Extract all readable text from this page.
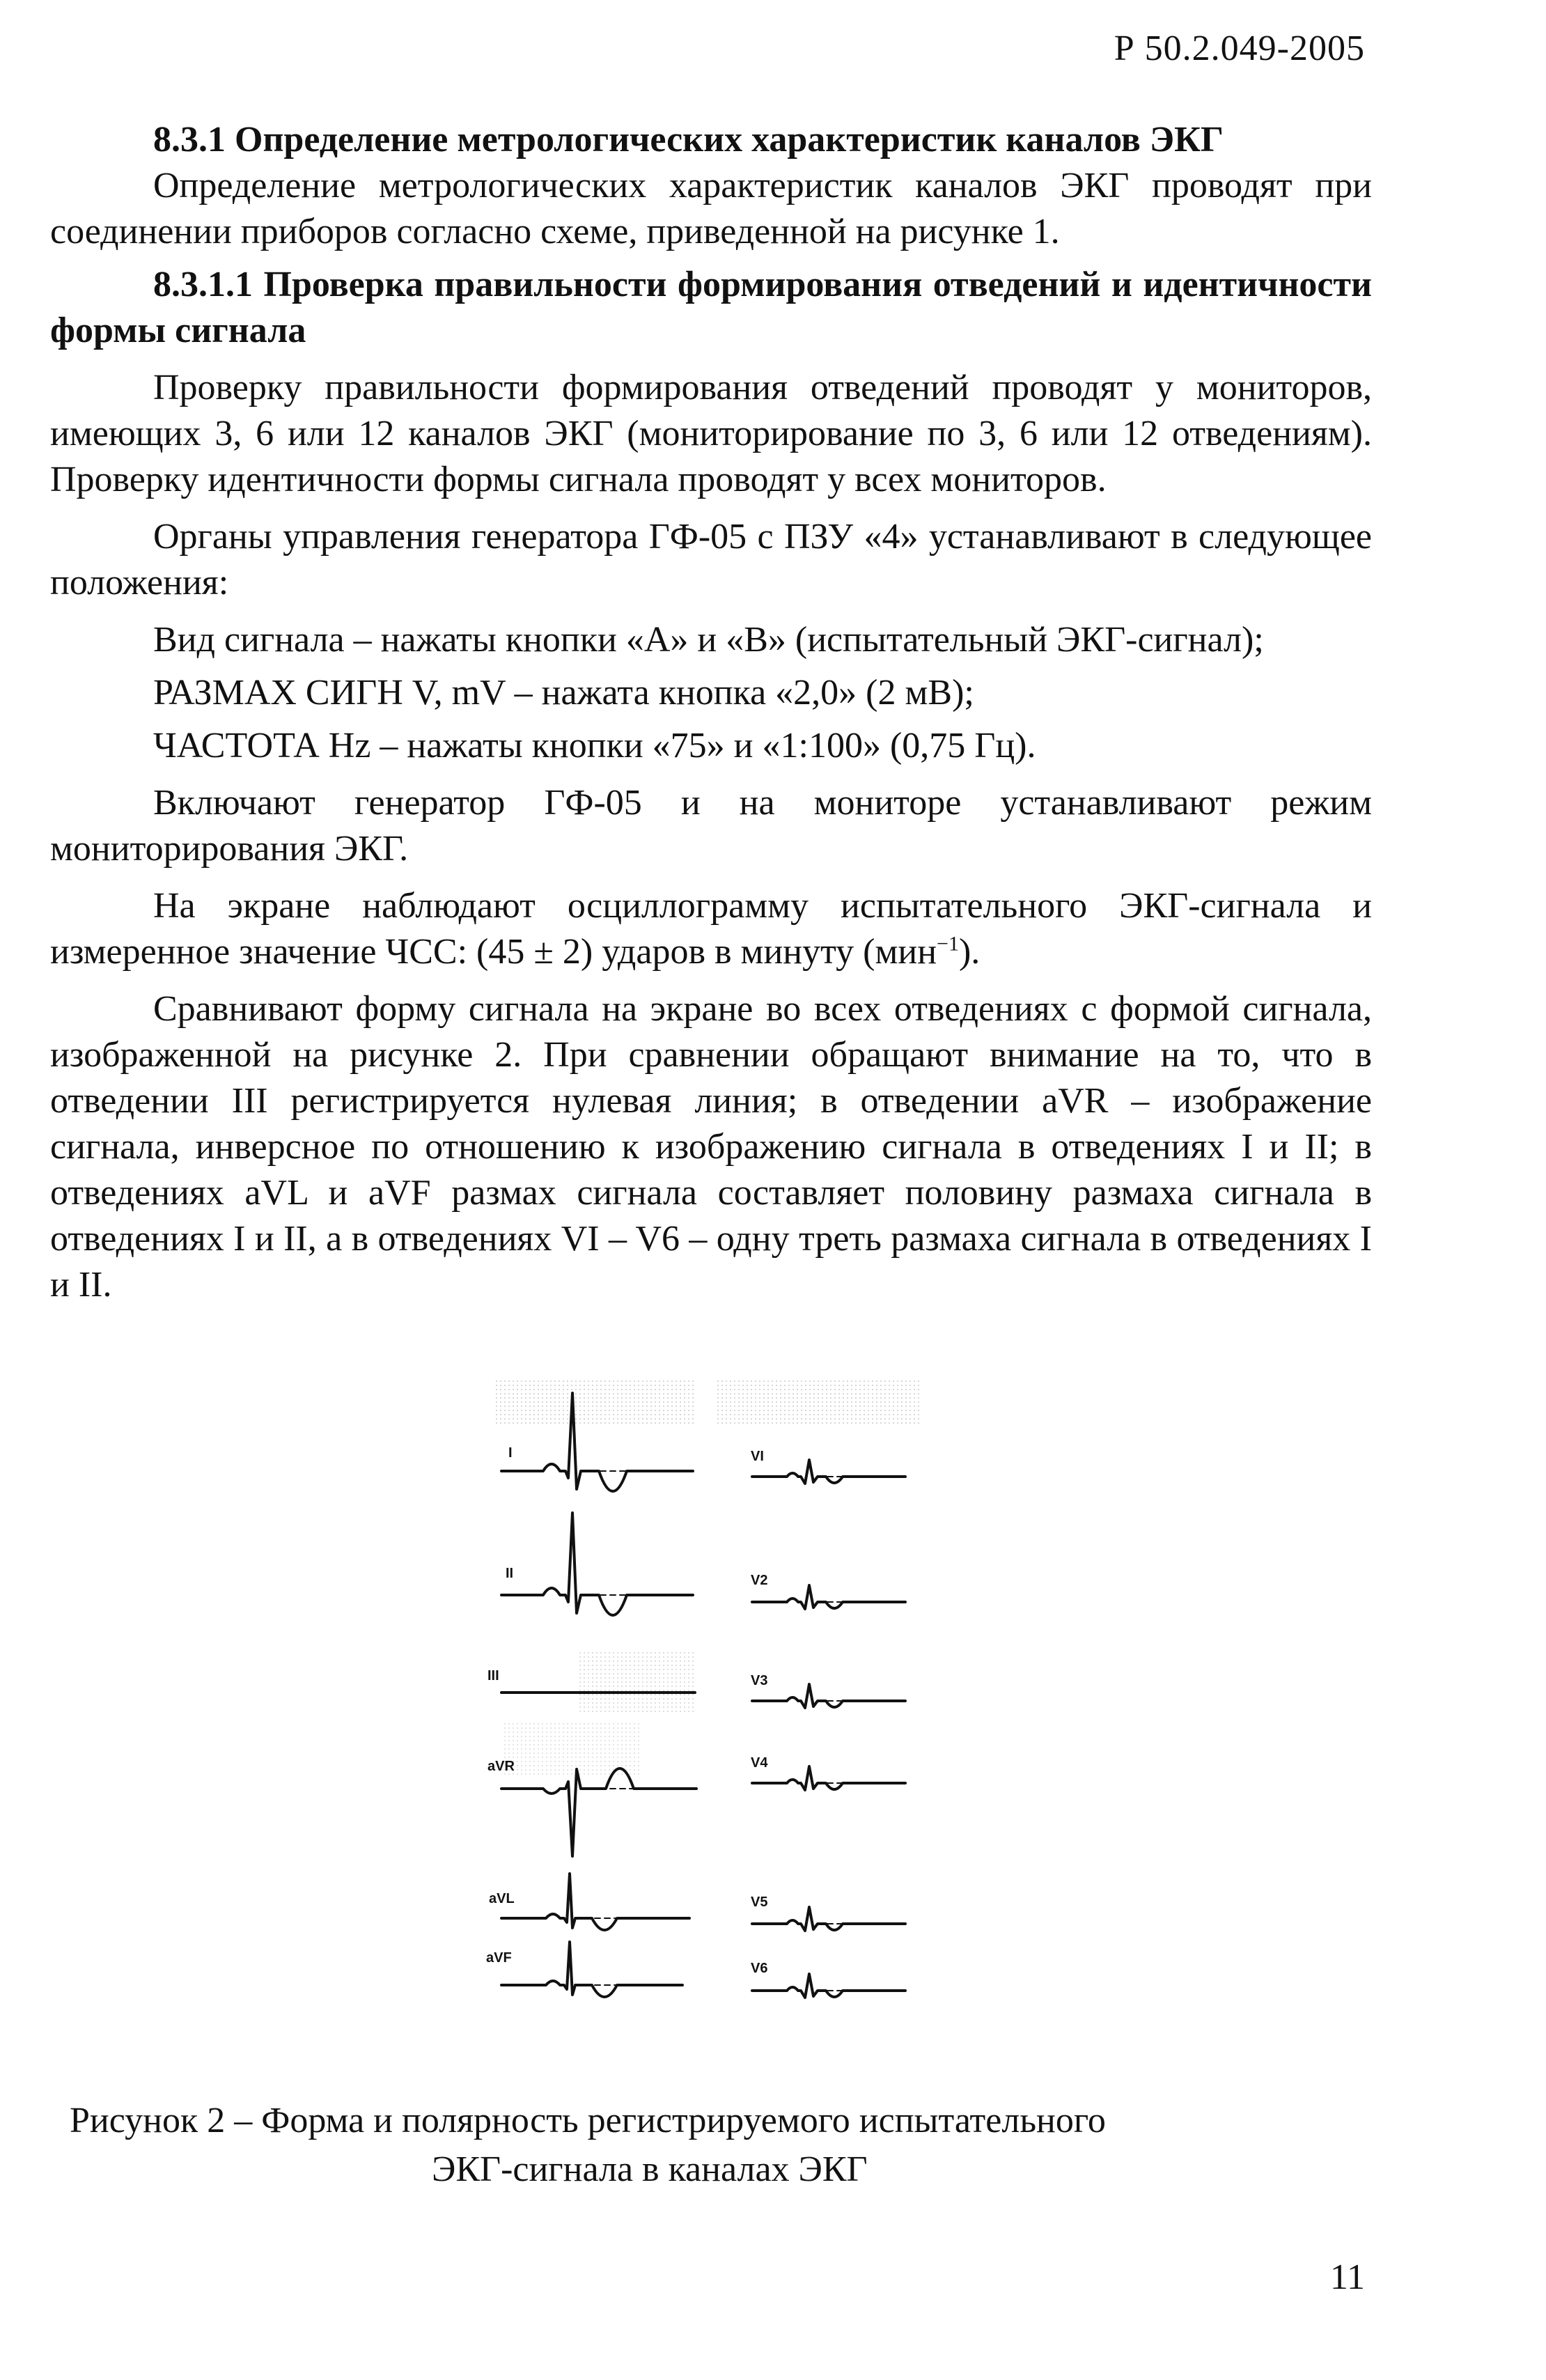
Р 50.2.049-2005

8.3.1 Определение метрологических характеристик каналов ЭКГ

Определение метрологических характеристик каналов ЭКГ проводят при соединении приборов согласно схеме, приведенной на рисунке 1.

8.3.1.1 Проверка правильности формирования отведений и идентичности формы сигнала

Проверку правильности формирования отведений проводят у мониторов, имеющих 3, 6 или 12 каналов ЭКГ (мониторирование по 3, 6 или 12 отведениям). Проверку идентичности формы сигнала проводят у всех мониторов.

Органы управления генератора ГФ-05 с ПЗУ «4» устанавливают в следующее положения:

Вид сигнала – нажаты кнопки «А» и «В» (испытательный ЭКГ-сигнал);

РАЗМАХ СИГН V, mV – нажата кнопка «2,0» (2 мВ);

ЧАСТОТА Hz – нажаты кнопки «75» и «1:100» (0,75 Гц).

Включают генератор ГФ-05 и на мониторе устанавливают режим мониторирования ЭКГ.

На экране наблюдают осциллограмму испытательного ЭКГ-сигнала и измеренное значение ЧСС: (45 ± 2) ударов в минуту (мин$^{-1}$).

Сравнивают форму сигнала на экране во всех отведениях с формой сигнала, изображенной на рисунке 2. При сравнении обращают внимание на то, что в отведении III регистрируется нулевая линия; в отведении aVR – изображение сигнала, инверсное по отношению к изображению сигнала в отведениях I и II; в отведениях aVL и aVF размах сигнала составляет половину размаха сигнала в отведениях I и II, а в отведениях VI – V6 – одну треть размаха сигнала в отведениях I и II.

I
II
III
aVR
aVL
aVF
VI
V2
V3
V4
V5
V6
Рисунок 2 – Форма и полярность регистрируемого испытательного
ЭКГ-сигнала в каналах ЭКГ
11
